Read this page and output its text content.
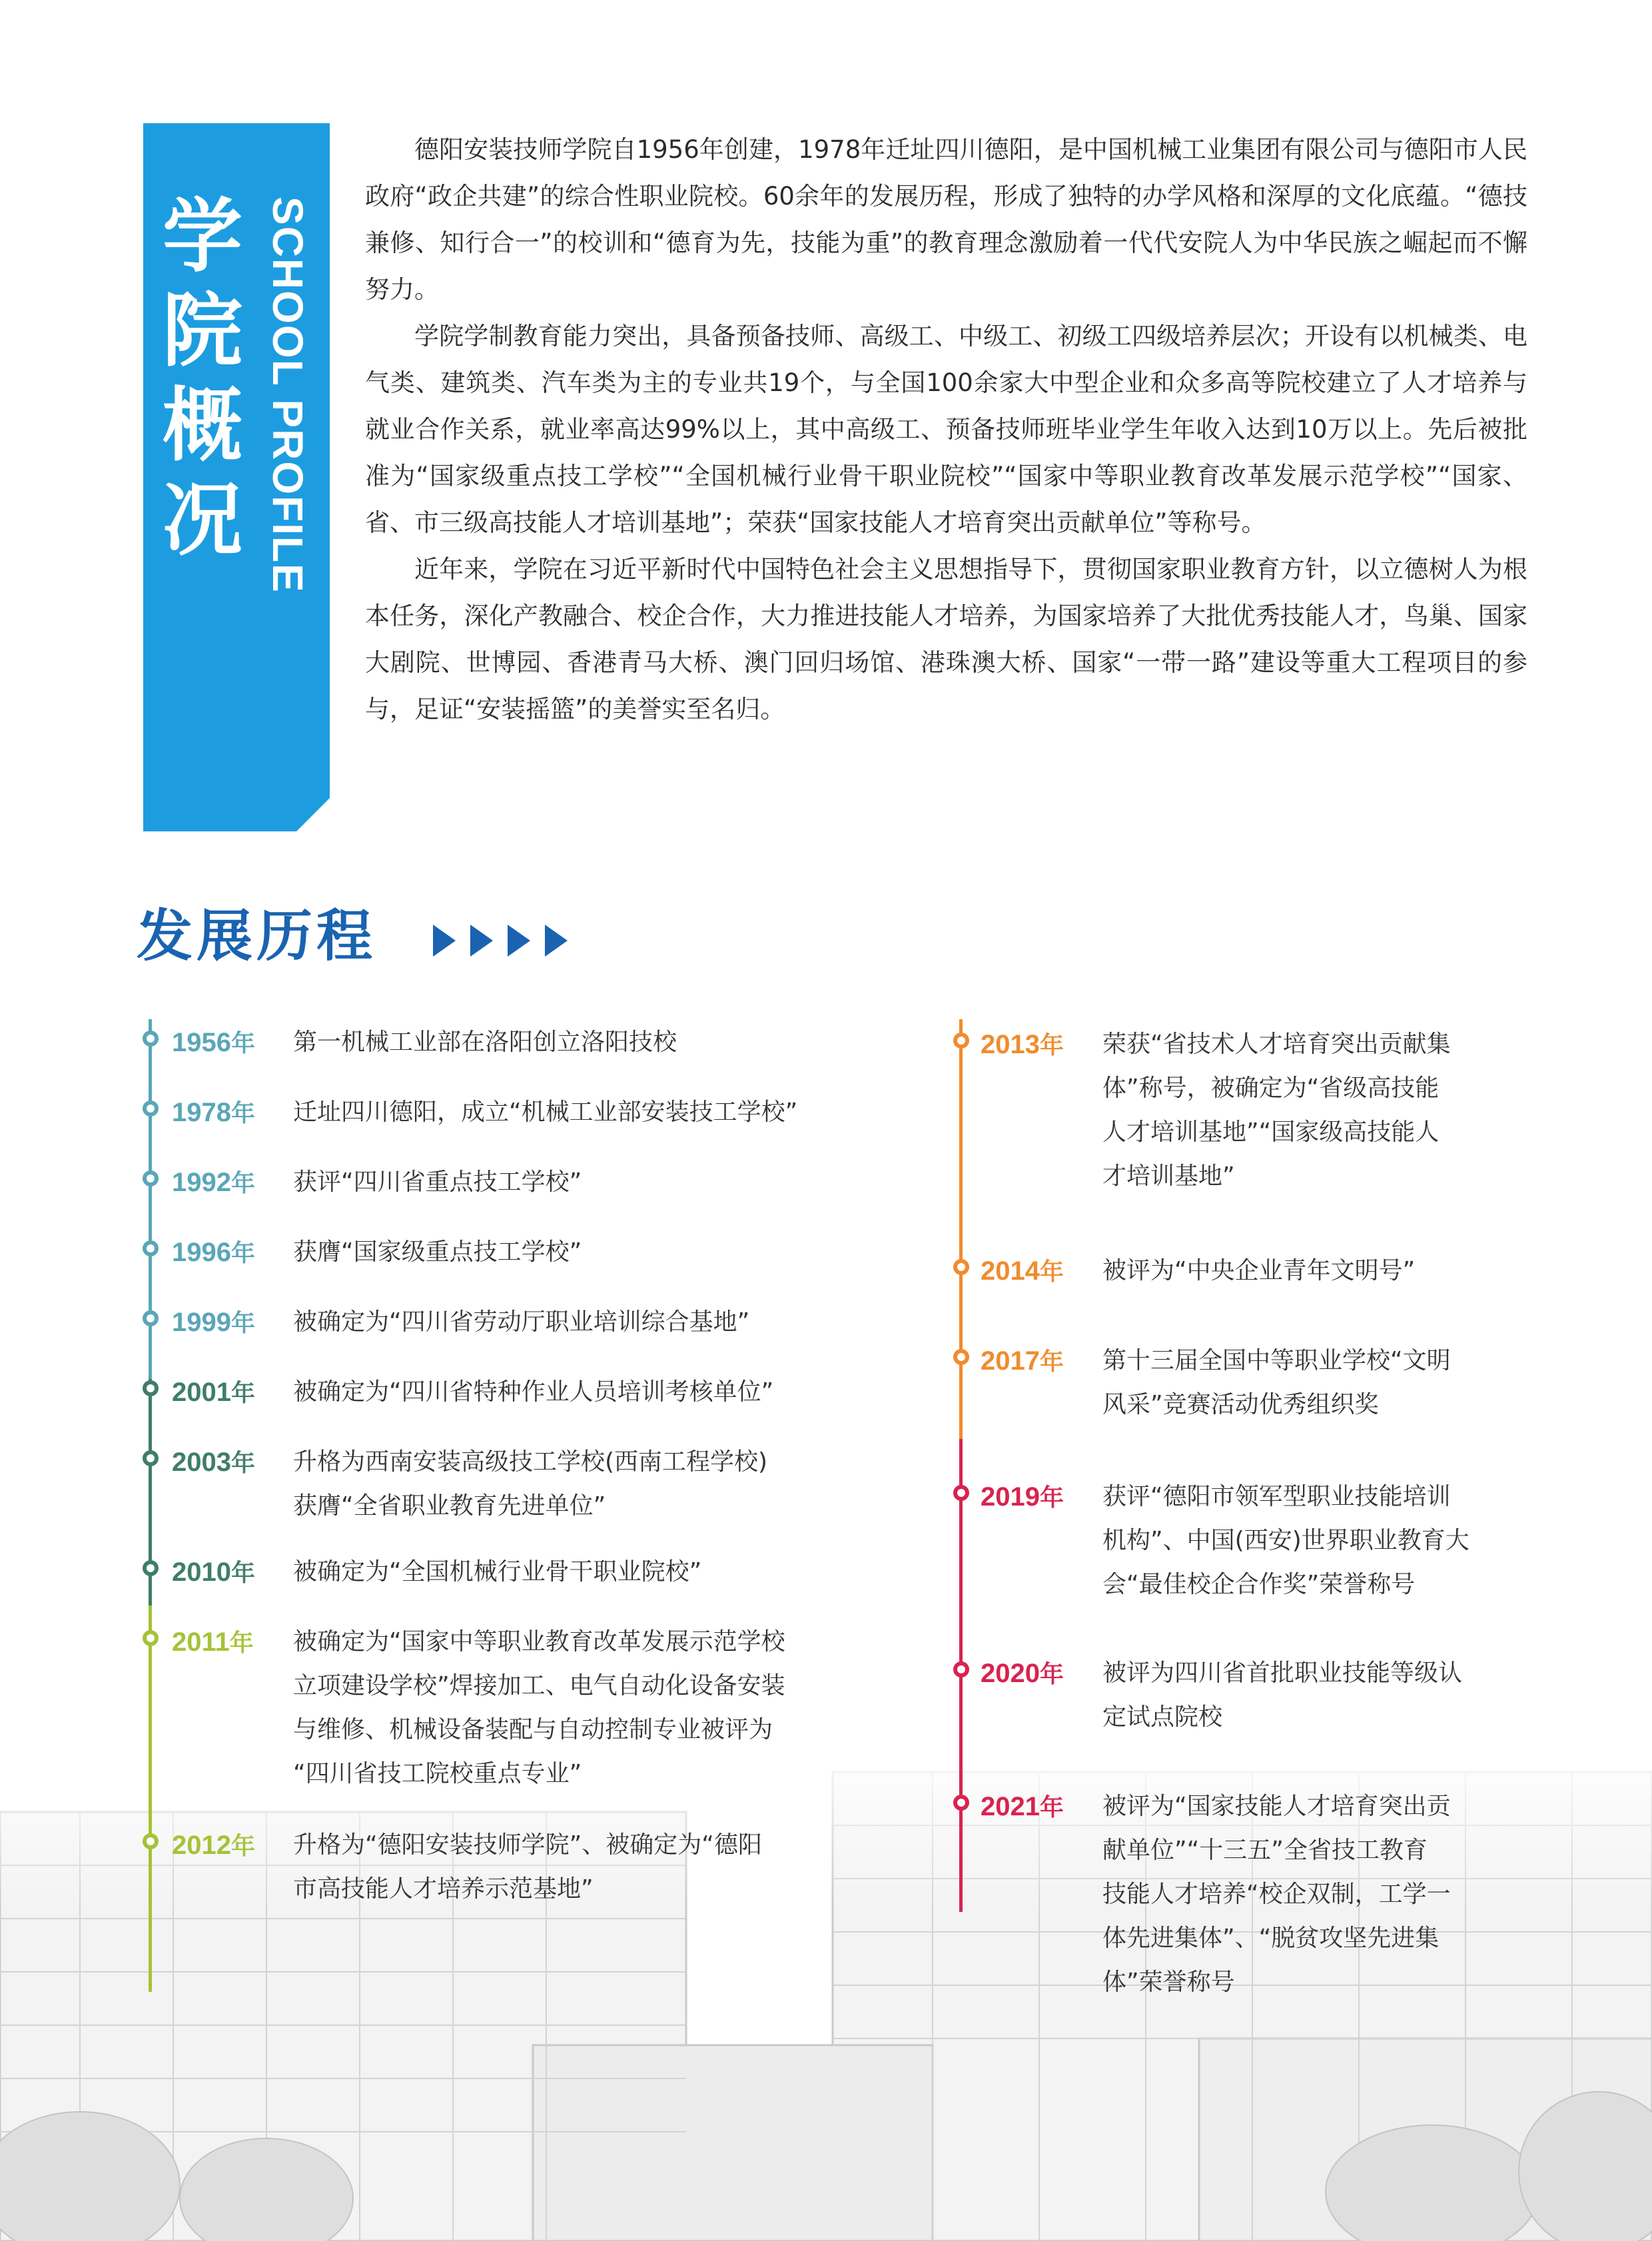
学
院
概
况 SCHOOL PROFILE

德阳安装技师学院自1956年创建，1978年迁址四川德阳，是中国机械工业集团有限公司与德阳市人民政府“政企共建”的综合性职业院校。60余年的发展历程，形成了独特的办学风格和深厚的文化底蕴。“德技兼修、知行合一”的校训和“德育为先，技能为重”的教育理念激励着一代代安院人为中华民族之崛起而不懈努力。

学院学制教育能力突出，具备预备技师、高级工、中级工、初级工四级培养层次；开设有以机械类、电气类、建筑类、汽车类为主的专业共19个，与全国100余家大中型企业和众多高等院校建立了人才培养与就业合作关系，就业率高达99%以上，其中高级工、预备技师班毕业学生年收入达到10万以上。先后被批准为“国家级重点技工学校”“全国机械行业骨干职业院校”“国家中等职业教育改革发展示范学校”“国家、省、市三级高技能人才培训基地”；荣获“国家技能人才培育突出贡献单位”等称号。

近年来，学院在习近平新时代中国特色社会主义思想指导下，贯彻国家职业教育方针，以立德树人为根本任务，深化产教融合、校企合作，大力推进技能人才培养，为国家培养了大批优秀技能人才，鸟巢、国家大剧院、世博园、香港青马大桥、澳门回归场馆、港珠澳大桥、国家“一带一路”建设等重大工程项目的参与，足证“安装摇篮”的美誉实至名归。

发展历程
1956年 第一机械工业部在洛阳创立洛阳技校
1978年 迁址四川德阳，成立“机械工业部安装技工学校”
1992年 获评“四川省重点技工学校”
1996年 获膺“国家级重点技工学校”
1999年 被确定为“四川省劳动厅职业培训综合基地”
2001年 被确定为“四川省特种作业人员培训考核单位”
2003年 升格为西南安装高级技工学校(西南工程学校)
获膺“全省职业教育先进单位”
2010年 被确定为“全国机械行业骨干职业院校”
2011年 被确定为“国家中等职业教育改革发展示范学校
立项建设学校”焊接加工、电气自动化设备安装
与维修、机械设备装配与自动控制专业被评为
“四川省技工院校重点专业”
2012年 升格为“德阳安装技师学院”、被确定为“德阳
市高技能人才培养示范基地”
2013年 荣获“省技术人才培育突出贡献集
体”称号，被确定为“省级高技能
人才培训基地”“国家级高技能人
才培训基地”
2014年 被评为“中央企业青年文明号”
2017年 第十三届全国中等职业学校“文明
风采”竞赛活动优秀组织奖
2019年 获评“德阳市领军型职业技能培训
机构”、中国(西安)世界职业教育大
会“最佳校企合作奖”荣誉称号
2020年 被评为四川省首批职业技能等级认
定试点院校
2021年 被评为“国家技能人才培育突出贡
献单位”“十三五”全省技工教育
技能人才培养“校企双制，工学一
体先进集体”、“脱贫攻坚先进集
体”荣誉称号
